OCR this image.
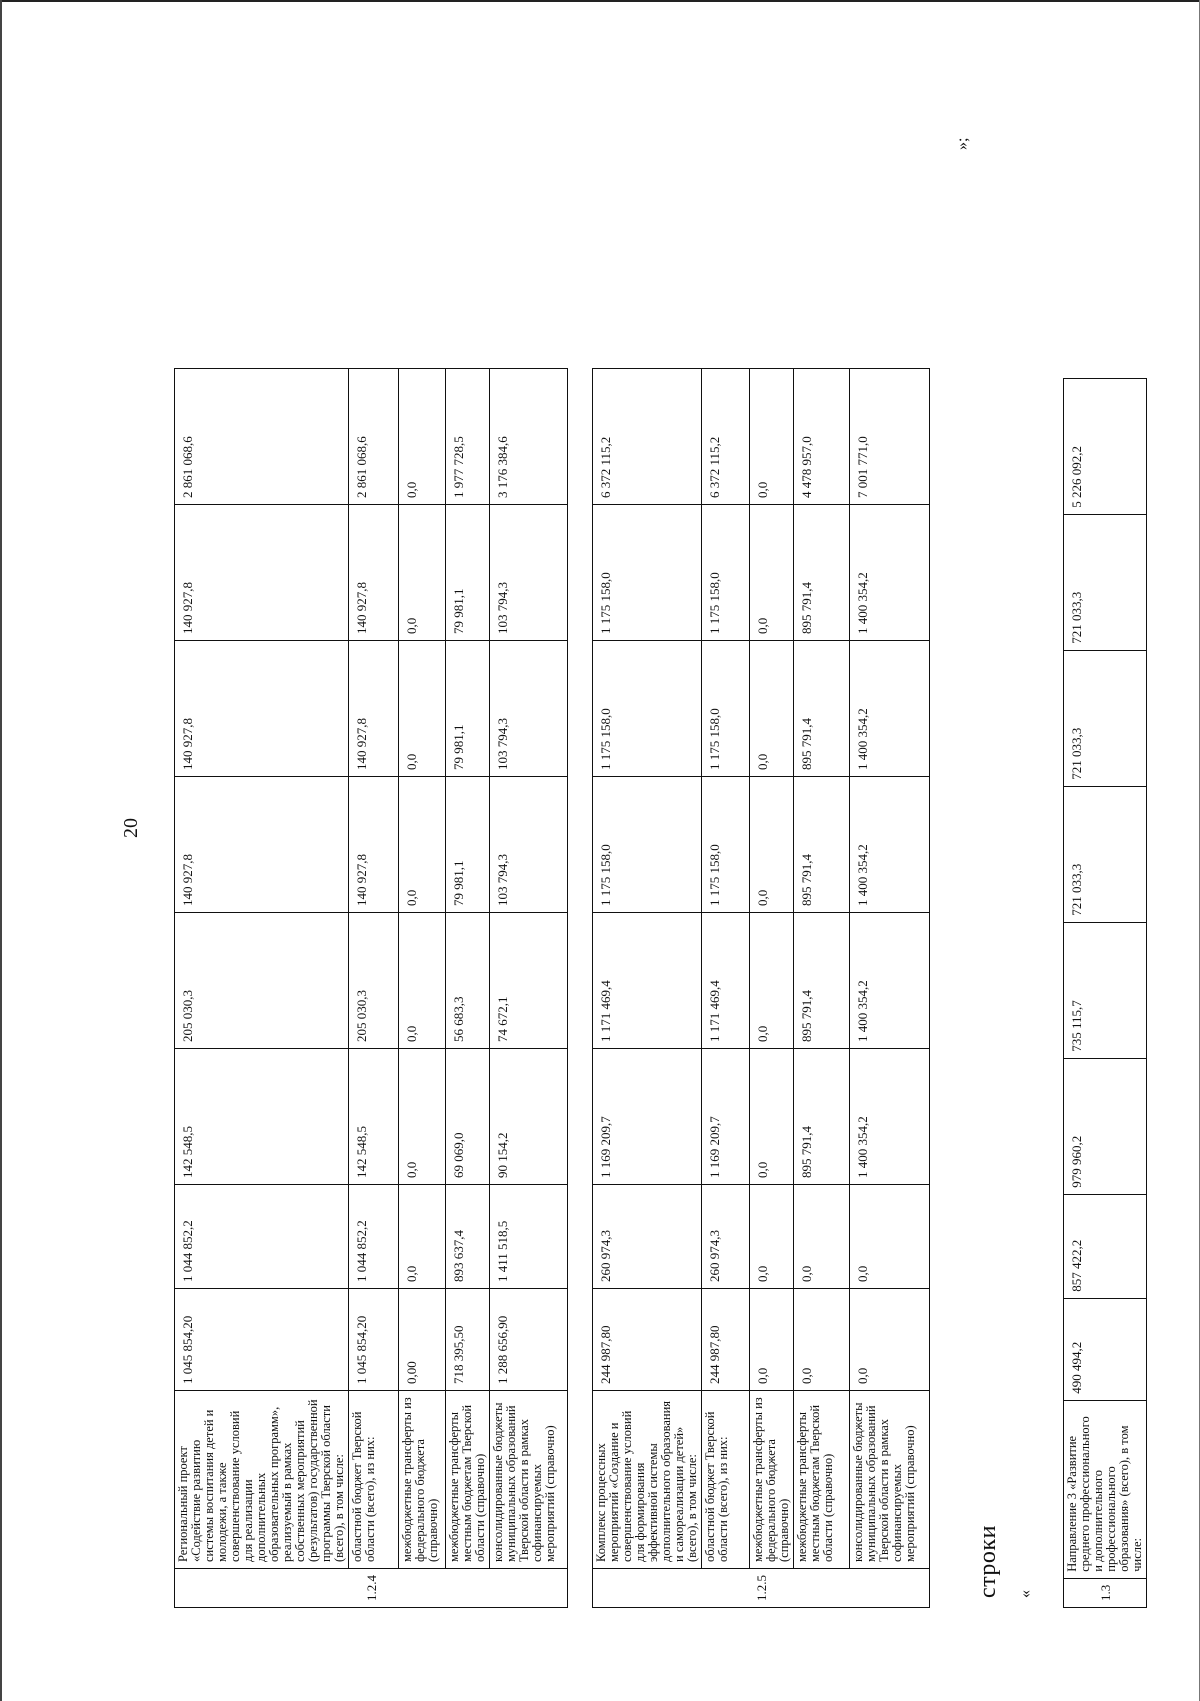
20
1.2.4	Региональный проект «Содействие развитию системы воспитания детей и молодежи, а также совершенствование условий для реализации дополнительных образовательных программ», реализуемый в рамках собственных мероприятий (результатов) государственной программы Тверской области (всего), в том числе:	1 045 854,20	1 044 852,2	142 548,5	205 030,3	140 927,8	140 927,8	140 927,8	2 861 068,6
	областной бюджет Тверской области (всего), из них:	1 045 854,20	1 044 852,2	142 548,5	205 030,3	140 927,8	140 927,8	140 927,8	2 861 068,6
	межбюджетные трансферты из федерального бюджета (справочно)	0,00	0,0	0,0	0,0	0,0	0,0	0,0	0,0
	межбюджетные трансферты местным бюджетам Тверской области (справочно)	718 395,50	893 637,4	69 069,0	56 683,3	79 981,1	79 981,1	79 981,1	1 977 728,5
	консолидированные бюджеты муниципальных образований Тверской области в рамках софинансируемых мероприятий (справочно)	1 288 656,90	1 411 518,5	90 154,2	74 672,1	103 794,3	103 794,3	103 794,3	3 176 384,6
1.2.5	Комплекс процессных мероприятий «Создание и совершенствование условий для формирования эффективной системы дополнительного образования и самореализации детей» (всего), в том числе:	244 987,80	260 974,3	1 169 209,7	1 171 469,4	1 175 158,0	1 175 158,0	1 175 158,0	6 372 115,2
	областной бюджет Тверской области (всего), из них:	244 987,80	260 974,3	1 169 209,7	1 171 469,4	1 175 158,0	1 175 158,0	1 175 158,0	6 372 115,2
	межбюджетные трансферты из федерального бюджета (справочно)	0,0	0,0	0,0	0,0	0,0	0,0	0,0	0,0
	межбюджетные трансферты местным бюджетам Тверской области (справочно)	0,0	0,0	895 791,4	895 791,4	895 791,4	895 791,4	895 791,4	4 478 957,0
	консолидированные бюджеты муниципальных образований Тверской области в рамках софинансируемых мероприятий (справочно)	0,0	0,0	1 400 354,2	1 400 354,2	1 400 354,2	1 400 354,2	1 400 354,2	7 001 771,0
строки «
»;
1.3	Направление 3 «Развитие среднего профессионального и дополнительного профессионального образования» (всего), в том числе:	490 494,2	857 422,2	979 960,2	735 115,7	721 033,3	721 033,3	721 033,3	5 226 092,2
